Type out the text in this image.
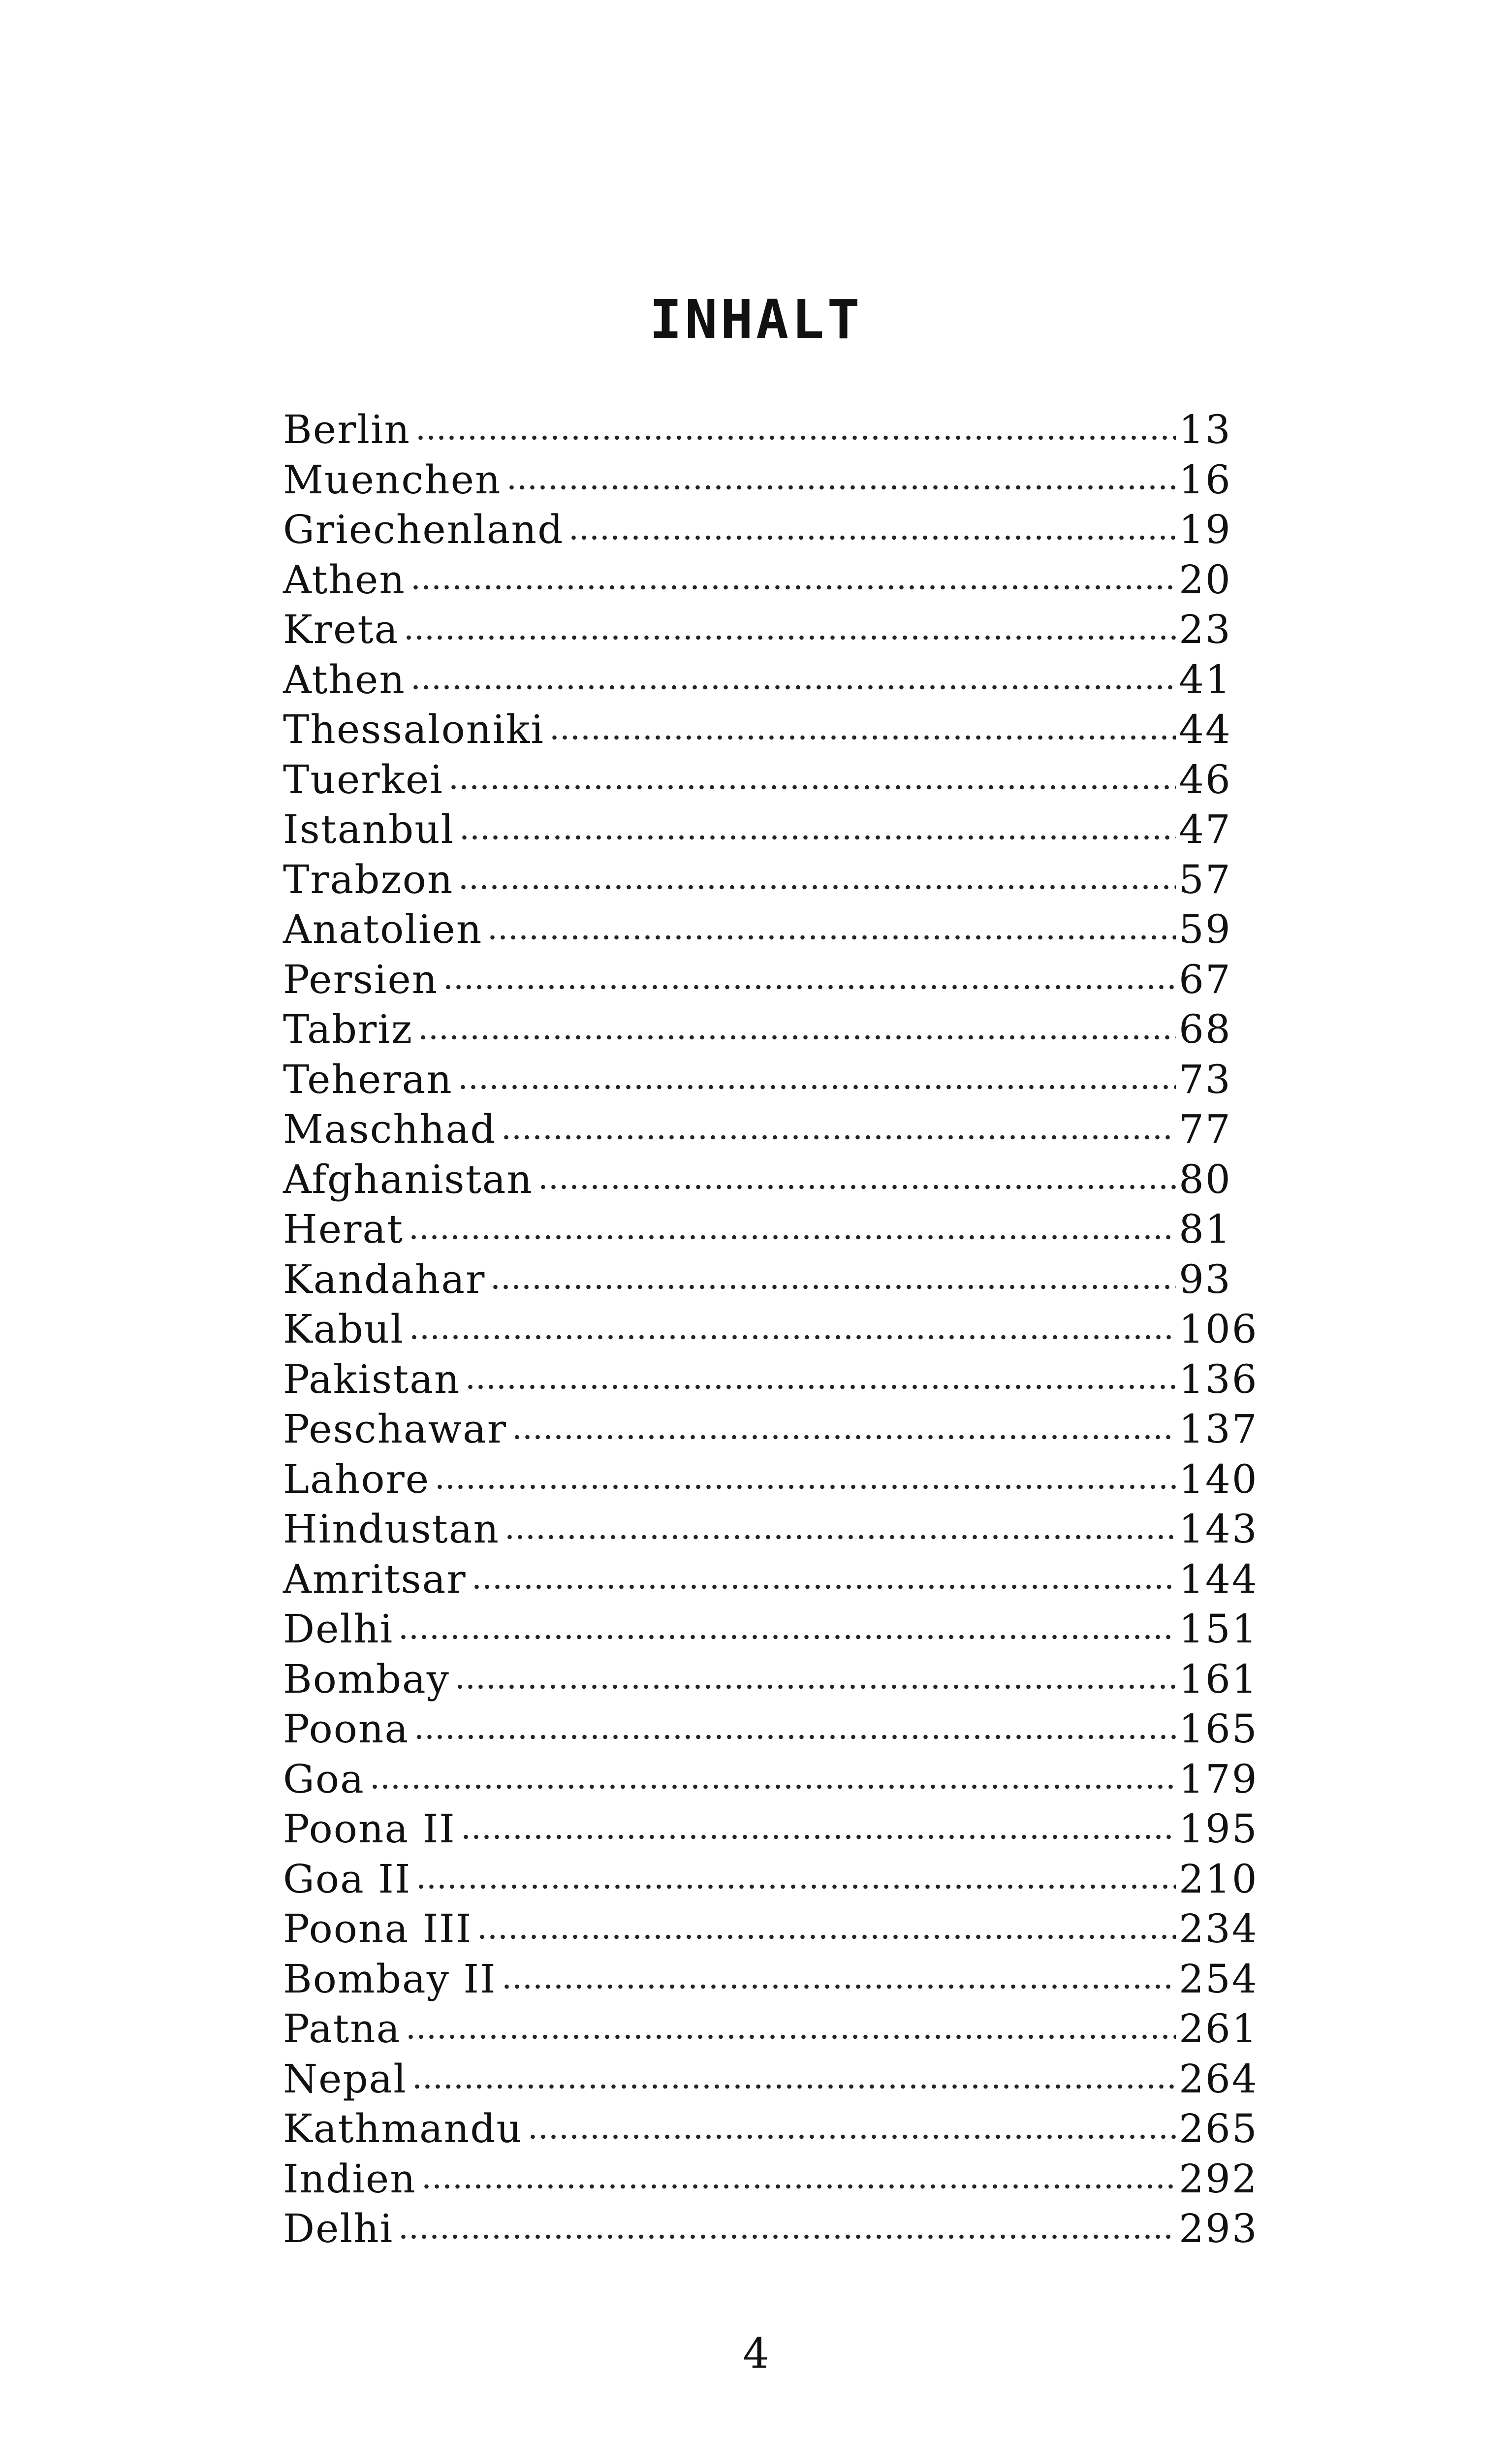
INHALT
Berlin	13
Muenchen	16
Griechenland	19
Athen	20
Kreta	23
Athen	41
Thessaloniki	44
Tuerkei	46
Istanbul	47
Trabzon	57
Anatolien	59
Persien	67
Tabriz	68
Teheran	73
Maschhad	77
Afghanistan	80
Herat	81
Kandahar	93
Kabul	106
Pakistan	136
Peschawar	137
Lahore	140
Hindustan	143
Amritsar	144
Delhi	151
Bombay	161
Poona	165
Goa	179
Poona II	195
Goa II	210
Poona III	234
Bombay II	254
Patna	261
Nepal	264
Kathmandu	265
Indien	292
Delhi	293
4
